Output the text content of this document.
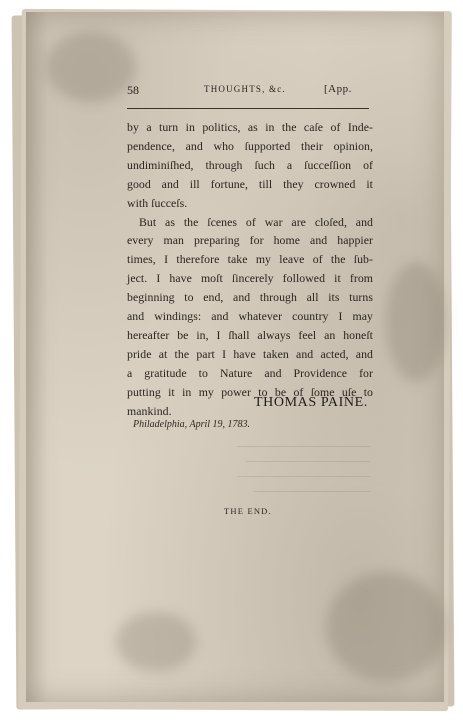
58	THOUGHTS, &c.	[App.
by a turn in politics, as in the caſe of Inde-
pendence, and who ſupported their opinion,
undiminiſhed, through ſuch a ſucceſſion of
good and ill fortune, till they crowned it
with ſucceſs.
But as the ſcenes of war are cloſed, and
every man preparing for home and happier
times, I therefore take my leave of the ſub-
ject. I have moſt ſincerely followed it from
beginning to end, and through all its turns
and windings: and whatever country I may
hereafter be in, I ſhall always feel an honeſt
pride at the part I have taken and acted, and
a gratitude to Nature and Providence for
putting it in my power to be of ſome uſe to
mankind.
THOMAS PAINE.
Philadelphia, April 19, 1783.
─────────────────
────────────────
─────────────────
───────────────
THE END.
